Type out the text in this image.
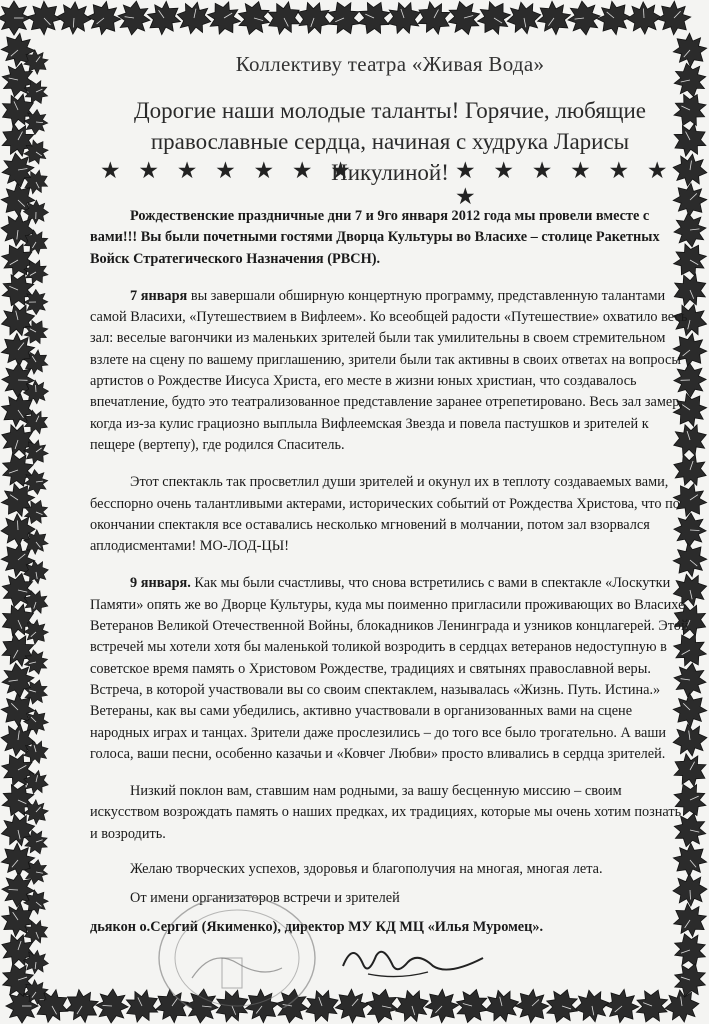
Коллективу театра «Живая Вода»

Дорогие наши молодые таланты! Горячие, любящие

православные сердца, начиная с худрука Ларисы

Никулиной!

★ ★ ★ ★ ★ ★ ★	★ ★ ★ ★ ★ ★ ★

Рождественские праздничные дни 7 и 9го января 2012 года мы провели вместе с вами!!! Вы были почетными гостями Дворца Культуры во Власихе – столице Ракетных Войск Стратегического Назначения (РВСН).

7 января вы завершали обширную концертную программу, представленную талантами самой Власихи, «Путешествием в Вифлеем». Ко всеобщей радости «Путешествие» охватило весь зал: веселые вагончики из маленьких зрителей были так умилительны в своем стремительном взлете на сцену по вашему приглашению, зрители были так активны в своих ответах на вопросы артистов о Рождестве Иисуса Христа, его месте в жизни юных христиан, что создавалось впечатление, будто это театрализованное представление заранее отрепетировано. Весь зал замер, когда из-за кулис грациозно выплыла Вифлеемская Звезда и повела пастушков и зрителей к пещере (вертепу), где родился Спаситель.

Этот спектакль так просветлил души зрителей и окунул их в теплоту создаваемых вами, бесспорно очень талантливыми актерами, исторических событий от Рождества Христова, что по окончании спектакля все оставались несколько мгновений в молчании, потом зал взорвался аплодисментами! МО-ЛОД-ЦЫ!

9 января. Как мы были счастливы, что снова встретились с вами в спектакле «Лоскутки Памяти» опять же во Дворце Культуры, куда мы поименно пригласили проживающих во Власихе Ветеранов Великой Отечественной Войны, блокадников Ленинграда и узников концлагерей. Этой встречей мы хотели хотя бы маленькой толикой возродить в сердцах ветеранов недоступную в советское время память о Христовом Рождестве, традициях и святынях православной веры. Встреча, в которой участвовали вы со своим спектаклем, называлась «Жизнь. Путь. Истина.» Ветераны, как вы сами убедились, активно участвовали в организованных вами на сцене народных играх и танцах. Зрители даже прослезились – до того все было трогательно. А ваши голоса, ваши песни, особенно казачьи и «Ковчег Любви» просто вливались в сердца зрителей.

Низкий поклон вам, ставшим нам родными, за вашу бесценную миссию – своим искусством возрождать память о наших предках, их традициях, которые мы очень хотим познать и возродить.

Желаю творческих успехов, здоровья и благополучия на многая, многая лета.

От имени организаторов встречи и зрителей

дьякон о.Сергий (Якименко), директор МУ КД МЦ «Илья Муромец».
